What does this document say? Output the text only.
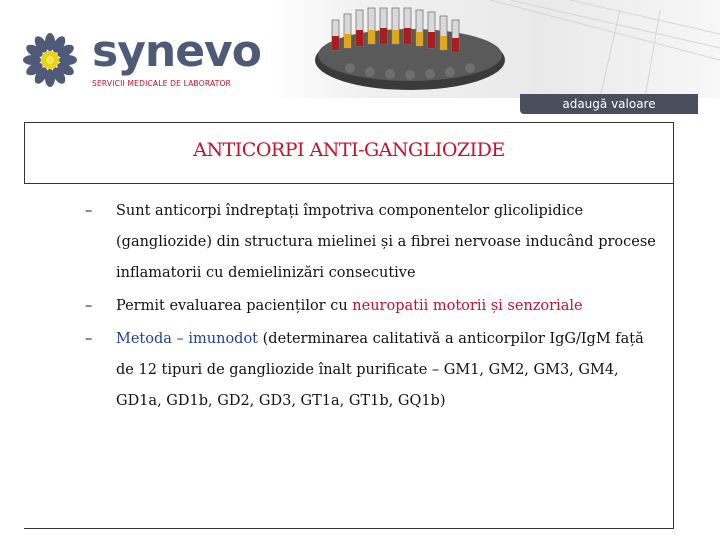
synevo
SERVICII MEDICALE DE LABORATOR
adaugă valoare diagnosticului
ANTICORPI ANTI-GANGLIOZIDE
– Sunt anticorpi îndreptați împotriva componentelor glicolipidice (gangliozide) din structura mielinei și a fibrei nervoase inducând procese inflamatorii cu demielinizări consecutive
– Permit evaluarea pacienților cu neuropatii motorii și senzoriale
– Metoda – imunodot (determinarea calitativă a anticorpilor IgG/IgM față de 12 tipuri de gangliozide înalt purificate – GM1, GM2, GM3, GM4, GD1a, GD1b, GD2, GD3, GT1a, GT1b, GQ1b)
